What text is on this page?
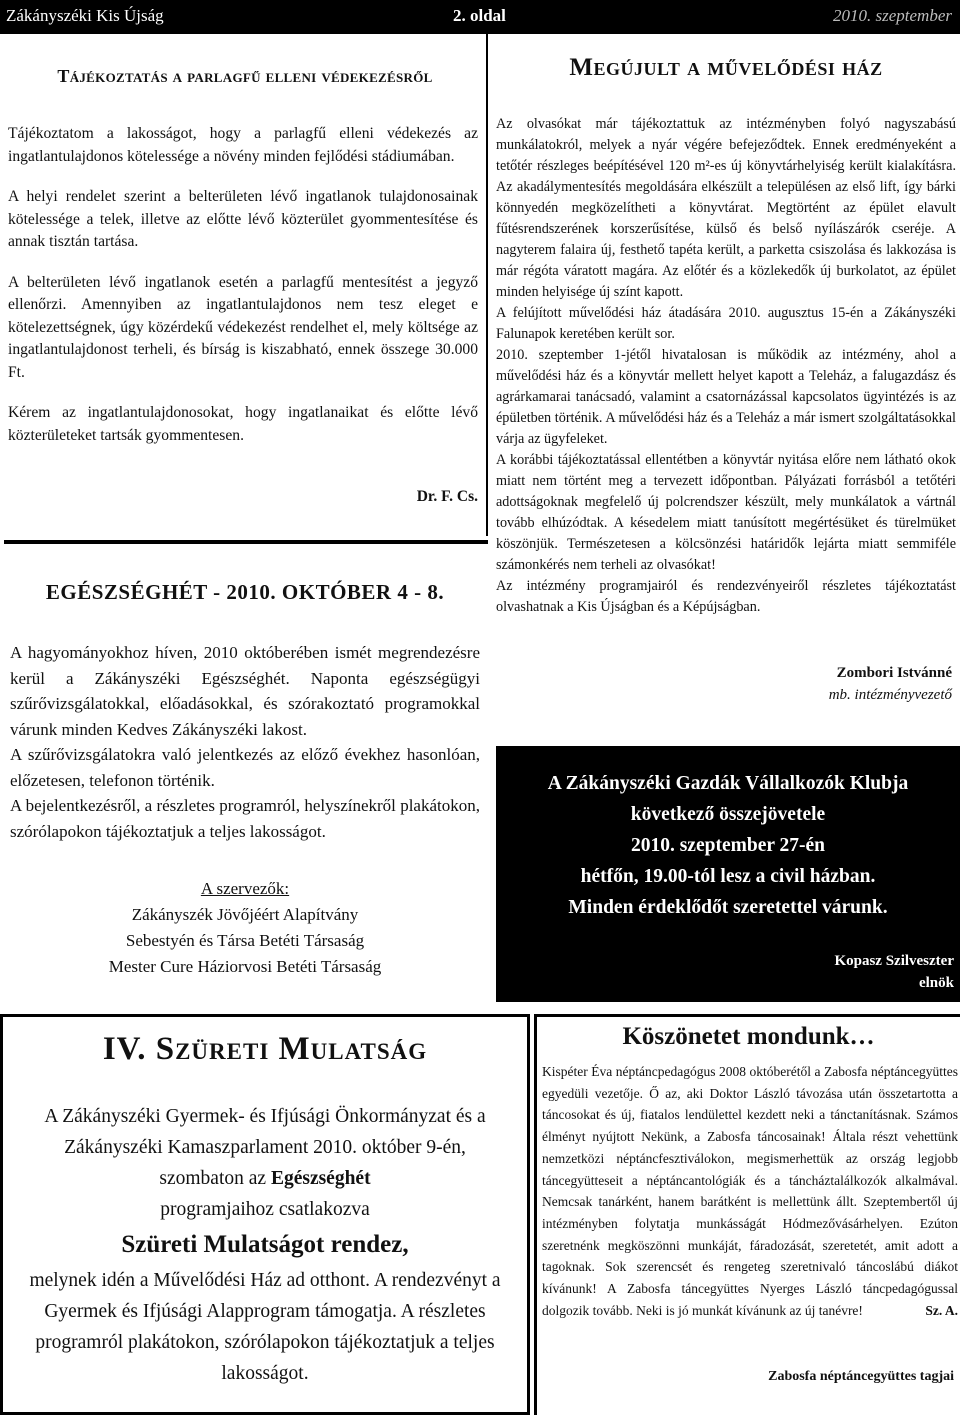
Zákányszéki Kis Újság	2. oldal	2010. szeptember
Tájékoztatás a parlagfű elleni védekezésről

Tájékoztatom a lakosságot, hogy a parlagfű elleni védekezés az ingatlantulajdonos kötelessége a növény minden fejlődési stádiumában.

A helyi rendelet szerint a belterületen lévő ingatlanok tulajdonosainak kötelessége a telek, illetve az előtte lévő közterület gyommentesítése és annak tisztán tartása.

A belterületen lévő ingatlanok esetén a parlagfű mentesítést a jegyző ellenőrzi. Amennyiben az ingatlantulajdonos nem tesz eleget e kötelezettségnek, úgy közérdekű védekezést rendelhet el, mely költsége az ingatlantulajdonost terheli, és bírság is kiszabható, ennek összege 30.000 Ft.

Kérem az ingatlantulajdonosokat, hogy ingatlanaikat és előtte lévő közterületeket tartsák gyommentesen.

Dr. F. Cs.
EGÉSZSÉGHÉT - 2010. OKTÓBER 4 - 8.

A hagyományokhoz híven, 2010 októberében ismét megrendezésre kerül a Zákányszéki Egészséghét. Naponta egészségügyi szűrővizsgálatokkal, előadásokkal, és szórakoztató programokkal várunk minden Kedves Zákányszéki lakost.

A szűrővizsgálatokra való jelentkezés az előző évekhez hasonlóan, előzetesen, telefonon történik.

A bejelentkezésről, a részletes programról, helyszínekről plakátokon, szórólapokon tájékoztatjuk a teljes lakosságot.

A szervezők:
Zákányszék Jövőjéért Alapítvány
Sebestyén és Társa Betéti Társaság
Mester Cure Háziorvosi Betéti Társaság
Megújult a művelődési ház

Az olvasókat már tájékoztattuk az intézményben folyó nagyszabású munkálatokról, melyek a nyár végére befejeződtek. Ennek eredményeként a tetőtér részleges beépítésével 120 m²-es új könyvtárhelyiség került kialakításra. Az akadálymentesítés megoldására elkészült a településen az első lift, így bárki könnyedén megközelítheti a könyvtárat. Megtörtént az épület elavult fűtésrendszerének korszerűsítése, külső és belső nyílászárók cseréje. A nagyterem falaira új, festhető tapéta került, a parketta csiszolása és lakkozása is már régóta váratott magára. Az előtér és a közlekedők új burkolatot, az épület minden helyisége új színt kapott.

A felújított művelődési ház átadására 2010. augusztus 15-én a Zákányszéki Falunapok keretében került sor.

2010. szeptember 1-jétől hivatalosan is működik az intézmény, ahol a művelődési ház és a könyvtár mellett helyet kapott a Teleház, a falugazdász és agrárkamarai tanácsadó, valamint a csatornázással kapcsolatos ügyintézés is az épületben történik. A művelődési ház és a Teleház a már ismert szolgáltatásokkal várja az ügyfeleket.

A korábbi tájékoztatással ellentétben a könyvtár nyitása előre nem látható okok miatt nem történt meg a tervezett időpontban. Pályázati forrásból a tetőtéri adottságoknak megfelelő új polcrendszer készült, mely munkálatok a vártnál tovább elhúzódtak. A késedelem miatt tanúsított megértésüket és türelmüket köszönjük. Természetesen a kölcsönzési határidők lejárta miatt semmiféle számonkérés nem terheli az olvasókat!

Az intézmény programjairól és rendezvényeiről részletes tájékoztatást olvashatnak a Kis Újságban és a Képújságban.

Zombori Istvánné
mb. intézményvezető
A Zákányszéki Gazdák Vállalkozók Klubja
következő összejövetele
2010. szeptember 27-én
hétfőn, 19.00-tól lesz a civil házban.
Minden érdeklődőt szeretettel várunk.
Kopasz Szilveszter
elnök
IV. Szüreti Mulatság
A Zákányszéki Gyermek- és Ifjúsági Önkormányzat és a Zákányszéki Kamaszparlament 2010. október 9-én,
szombaton az Egészséghét
programjaihoz csatlakozva
Szüreti Mulatságot rendez,
melynek idén a Művelődési Ház ad otthont. A rendezvényt a Gyermek és Ifjúsági Alapprogram támogatja. A részletes programról plakátokon, szórólapokon tájékoztatjuk a teljes lakosságot.
Köszönetet mondunk…
Kispéter Éva néptáncpedagógus 2008 októberétől a Zabosfa néptáncegyüttes egyedüli vezetője. Ő az, aki Doktor László távozása után összetartotta a táncosokat és új, fiatalos lendülettel kezdett neki a tánctanításnak. Számos élményt nyújtott Nekünk, a Zabosfa táncosainak! Általa részt vehettünk nemzetközi néptáncfesztiválokon, megismerhettük az ország legjobb táncegyütteseit a néptáncantológiák és a táncháztalálkozók alkalmával. Nemcsak tanárként, hanem barátként is mellettünk állt. Szeptembertől új intézményben folytatja munkásságát Hódmezővásárhelyen. Ezúton szeretnénk megköszönni munkáját, fáradozását, szeretetét, amit adott a tagoknak. Sok szerencsét és rengeteg szeretnivaló táncoslábú diákot kívánunk! A Zabosfa táncegyüttes Nyerges László táncpedagógussal dolgozik tovább. Neki is jó munkát kívánunk az új tanévre!	Sz. A.
Zabosfa néptáncegyüttes tagjai
